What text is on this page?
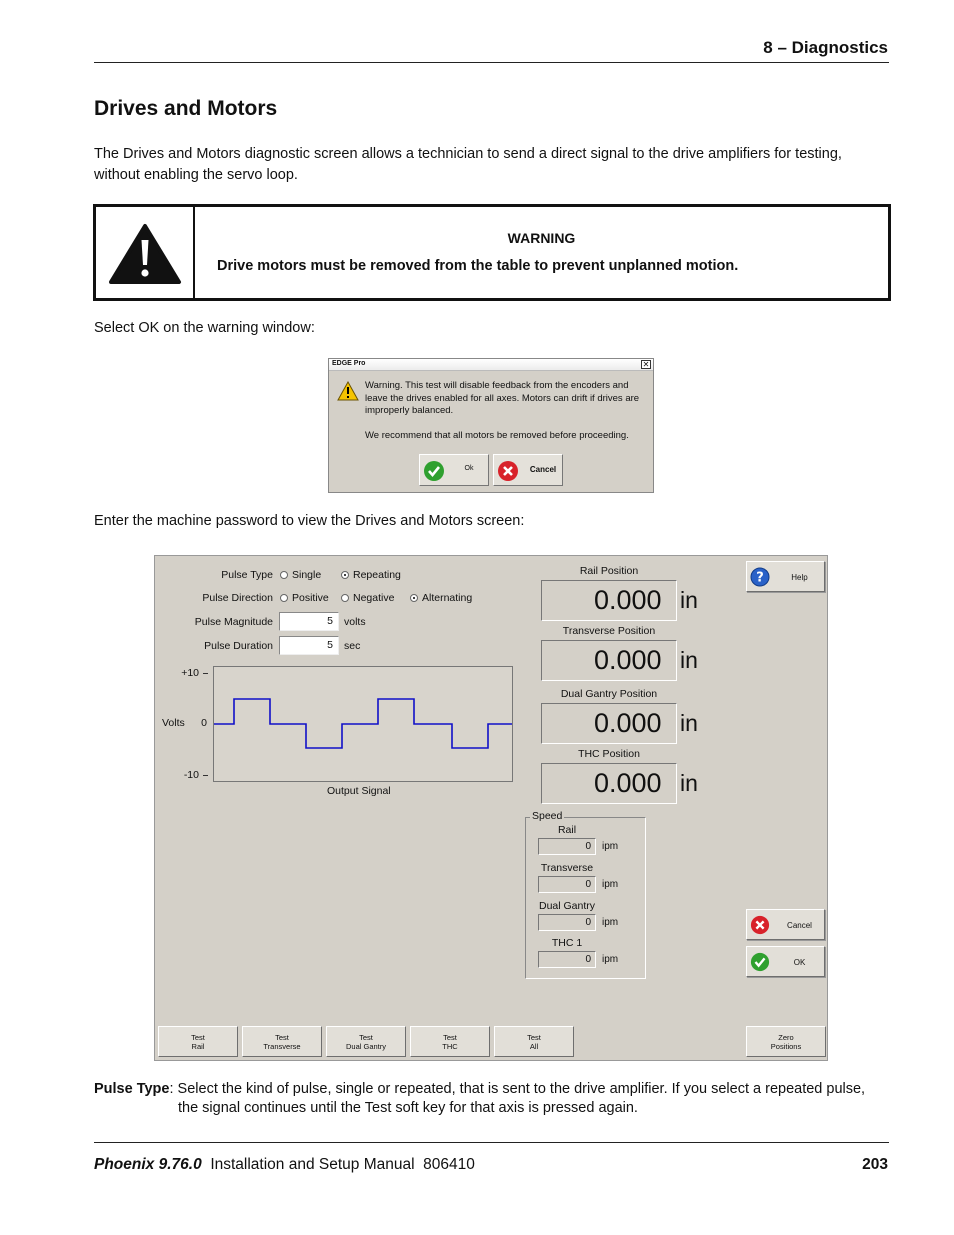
8 – Diagnostics
Drives and Motors
The Drives and Motors diagnostic screen allows a technician to send a direct signal to the drive amplifiers for testing, without enabling the servo loop.
WARNING
Drive motors must be removed from the table to prevent unplanned motion.
Select OK on the warning window:
EDGE Pro	✕
Warning. This test will disable feedback from the encoders and leave the drives enabled for all axes. Motors can drift if drives are improperly balanced.
We recommend that all motors be removed before proceeding.
Ok	Cancel
Enter the machine password to view the Drives and Motors screen:
Pulse Type Single	Repeating
Pulse Direction Positive Negative	Alternating
Pulse Magnitude	5	volts
Pulse Duration	5	sec
+10
0
-10
Volts
Output Signal
Rail Position
0.000 in
Transverse Position
0.000 in
Dual Gantry Position
0.000 in
THC Position
0.000 in
Speed
Rail
0	ipm
Transverse
0	ipm
Dual Gantry
0	ipm
THC 1
0	ipm
?	Help
Cancel
OK
Test
Rail
Test
Transverse
Test
Dual Gantry
Test
THC
Test
All
Zero
Positions
Pulse Type: Select the kind of pulse, single or repeated, that is sent to the drive amplifier. If you select a repeated pulse,
the signal continues until the Test soft key for that axis is pressed again.
Phoenix 9.76.0  Installation and Setup Manual  806410	203
